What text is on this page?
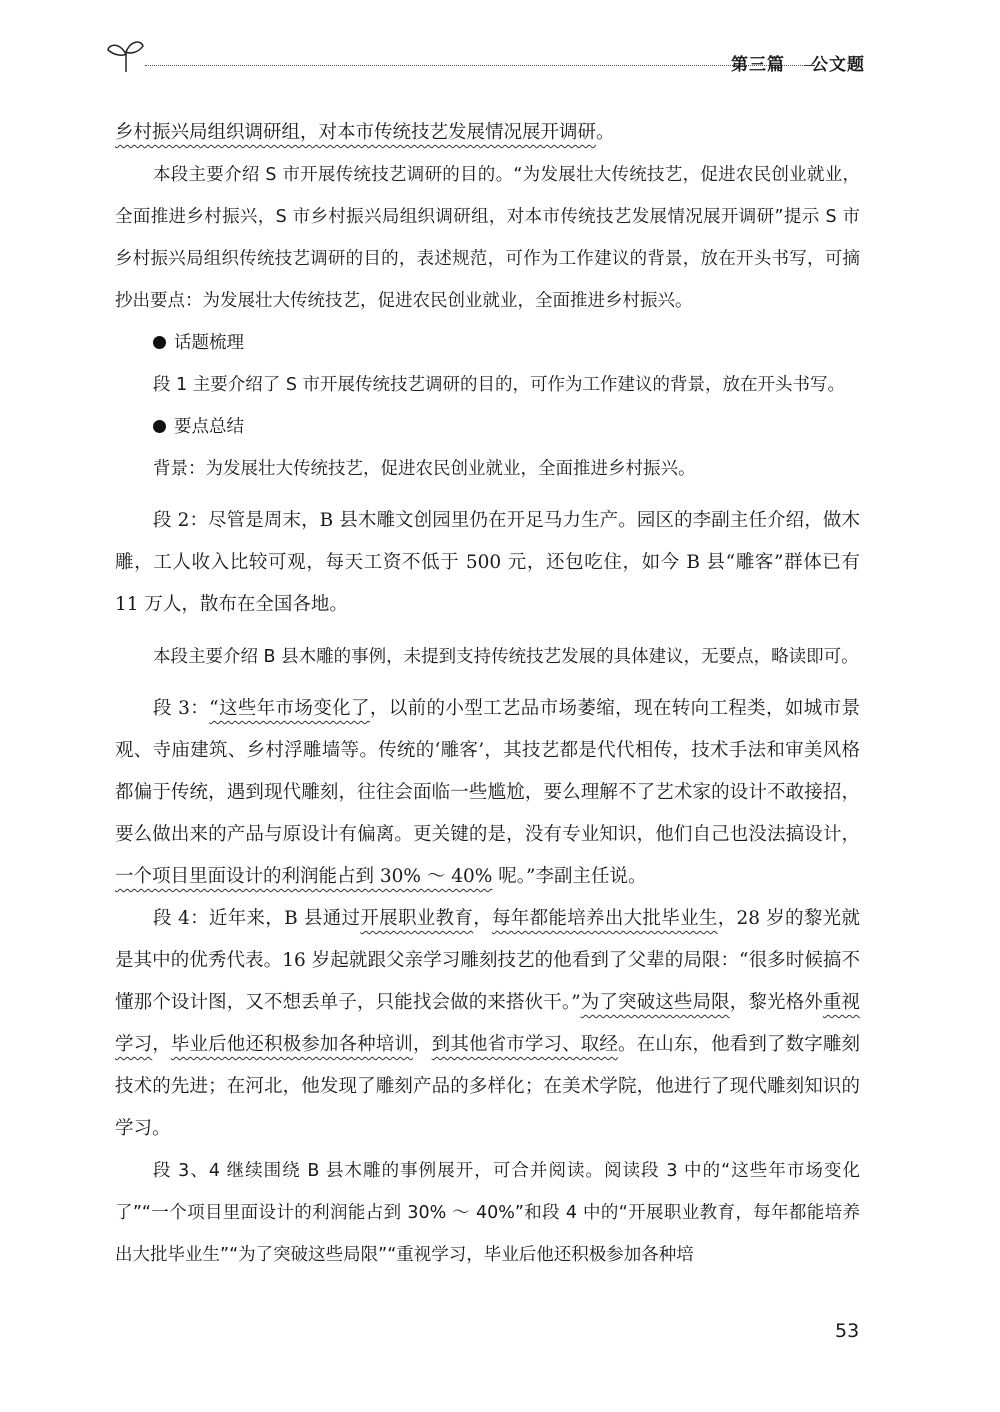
第三篇 公文题

乡村振兴局组织调研组，对本市传统技艺发展情况展开调研。

本段主要介绍 S 市开展传统技艺调研的目的。“为发展壮大传统技艺，促进农民创业就业，全面推进乡村振兴，S 市乡村振兴局组织调研组，对本市传统技艺发展情况展开调研”提示 S 市乡村振兴局组织传统技艺调研的目的，表述规范，可作为工作建议的背景，放在开头书写，可摘抄出要点：为发展壮大传统技艺，促进农民创业就业，全面推进乡村振兴。

话题梳理

段 1 主要介绍了 S 市开展传统技艺调研的目的，可作为工作建议的背景，放在开头书写。

要点总结

背景：为发展壮大传统技艺，促进农民创业就业，全面推进乡村振兴。

段 2：尽管是周末，B 县木雕文创园里仍在开足马力生产。园区的李副主任介绍，做木雕，工人收入比较可观，每天工资不低于 500 元，还包吃住，如今 B 县“雕客”群体已有 11 万人，散布在全国各地。

本段主要介绍 B 县木雕的事例，未提到支持传统技艺发展的具体建议，无要点，略读即可。

段 3：“这些年市场变化了，以前的小型工艺品市场萎缩，现在转向工程类，如城市景观、寺庙建筑、乡村浮雕墙等。传统的‘雕客’，其技艺都是代代相传，技术手法和审美风格都偏于传统，遇到现代雕刻，往往会面临一些尴尬，要么理解不了艺术家的设计不敢接招，要么做出来的产品与原设计有偏离。更关键的是，没有专业知识，他们自己也没法搞设计，一个项目里面设计的利润能占到 30% ～ 40% 呢。”李副主任说。

段 4：近年来，B 县通过开展职业教育，每年都能培养出大批毕业生，28 岁的黎光就是其中的优秀代表。16 岁起就跟父亲学习雕刻技艺的他看到了父辈的局限：“很多时候搞不懂那个设计图，又不想丢单子，只能找会做的来搭伙干。”为了突破这些局限，黎光格外重视学习，毕业后他还积极参加各种培训，到其他省市学习、取经。在山东，他看到了数字雕刻技术的先进；在河北，他发现了雕刻产品的多样化；在美术学院，他进行了现代雕刻知识的学习。

段 3、4 继续围绕 B 县木雕的事例展开，可合并阅读。阅读段 3 中的“这些年市场变化了”“一个项目里面设计的利润能占到 30% ～ 40%”和段 4 中的“开展职业教育，每年都能培养出大批毕业生”“为了突破这些局限”“重视学习，毕业后他还积极参加各种培

53
